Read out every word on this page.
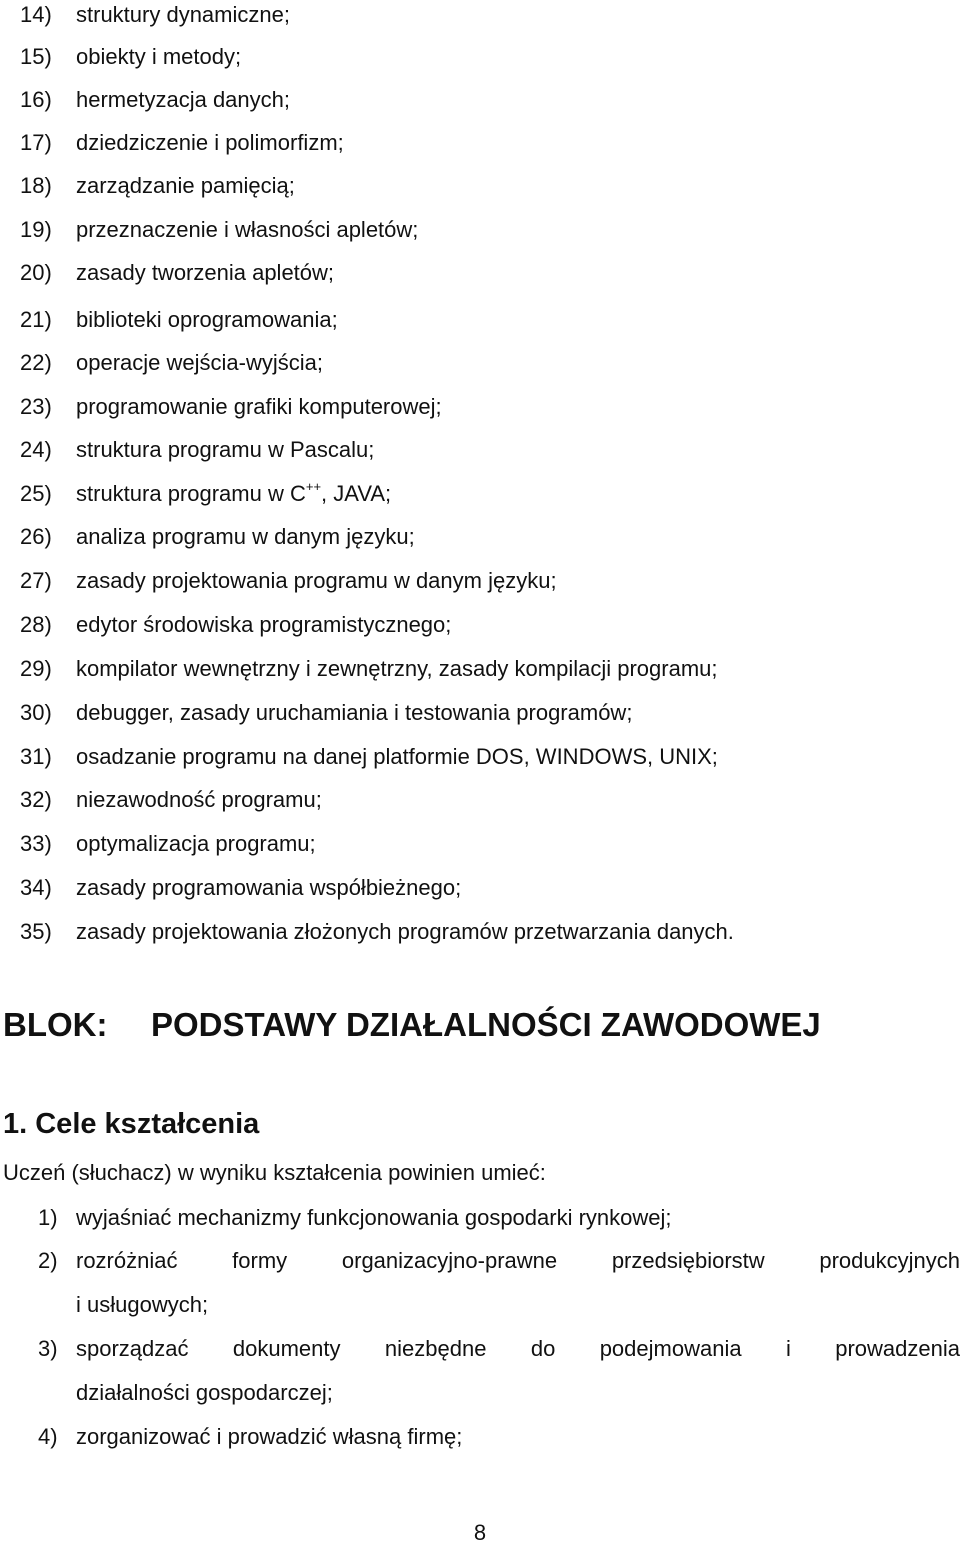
14)	struktury dynamiczne;
15)	obiekty i metody;
16)	hermetyzacja danych;
17)	dziedziczenie i polimorfizm;
18)	zarządzanie pamięcią;
19)	przeznaczenie i własności apletów;
20)	zasady tworzenia apletów;
21)	biblioteki oprogramowania;
22)	operacje wejścia-wyjścia;
23)	programowanie grafiki komputerowej;
24)	struktura programu w Pascalu;
25)	struktura programu w C++, JAVA;
26)	analiza programu w danym języku;
27)	zasady projektowania programu w danym języku;
28)	edytor środowiska programistycznego;
29)	kompilator wewnętrzny i zewnętrzny, zasady kompilacji programu;
30)	debugger, zasady uruchamiania i testowania programów;
31)	osadzanie programu na danej platformie DOS, WINDOWS, UNIX;
32)	niezawodność programu;
33)	optymalizacja programu;
34)	zasady programowania współbieżnego;
35)	zasady projektowania złożonych programów przetwarzania danych.
BLOK: PODSTAWY DZIAŁALNOŚCI ZAWODOWEJ
1. Cele kształcenia
Uczeń (słuchacz) w wyniku kształcenia powinien umieć:
1) wyjaśniać mechanizmy funkcjonowania gospodarki rynkowej;
2) rozróżniać formy organizacyjno-prawne przedsiębiorstw produkcyjnych
i usługowych;
3) sporządzać dokumenty niezbędne do podejmowania i prowadzenia
działalności gospodarczej;
4) zorganizować i prowadzić własną firmę;
8
